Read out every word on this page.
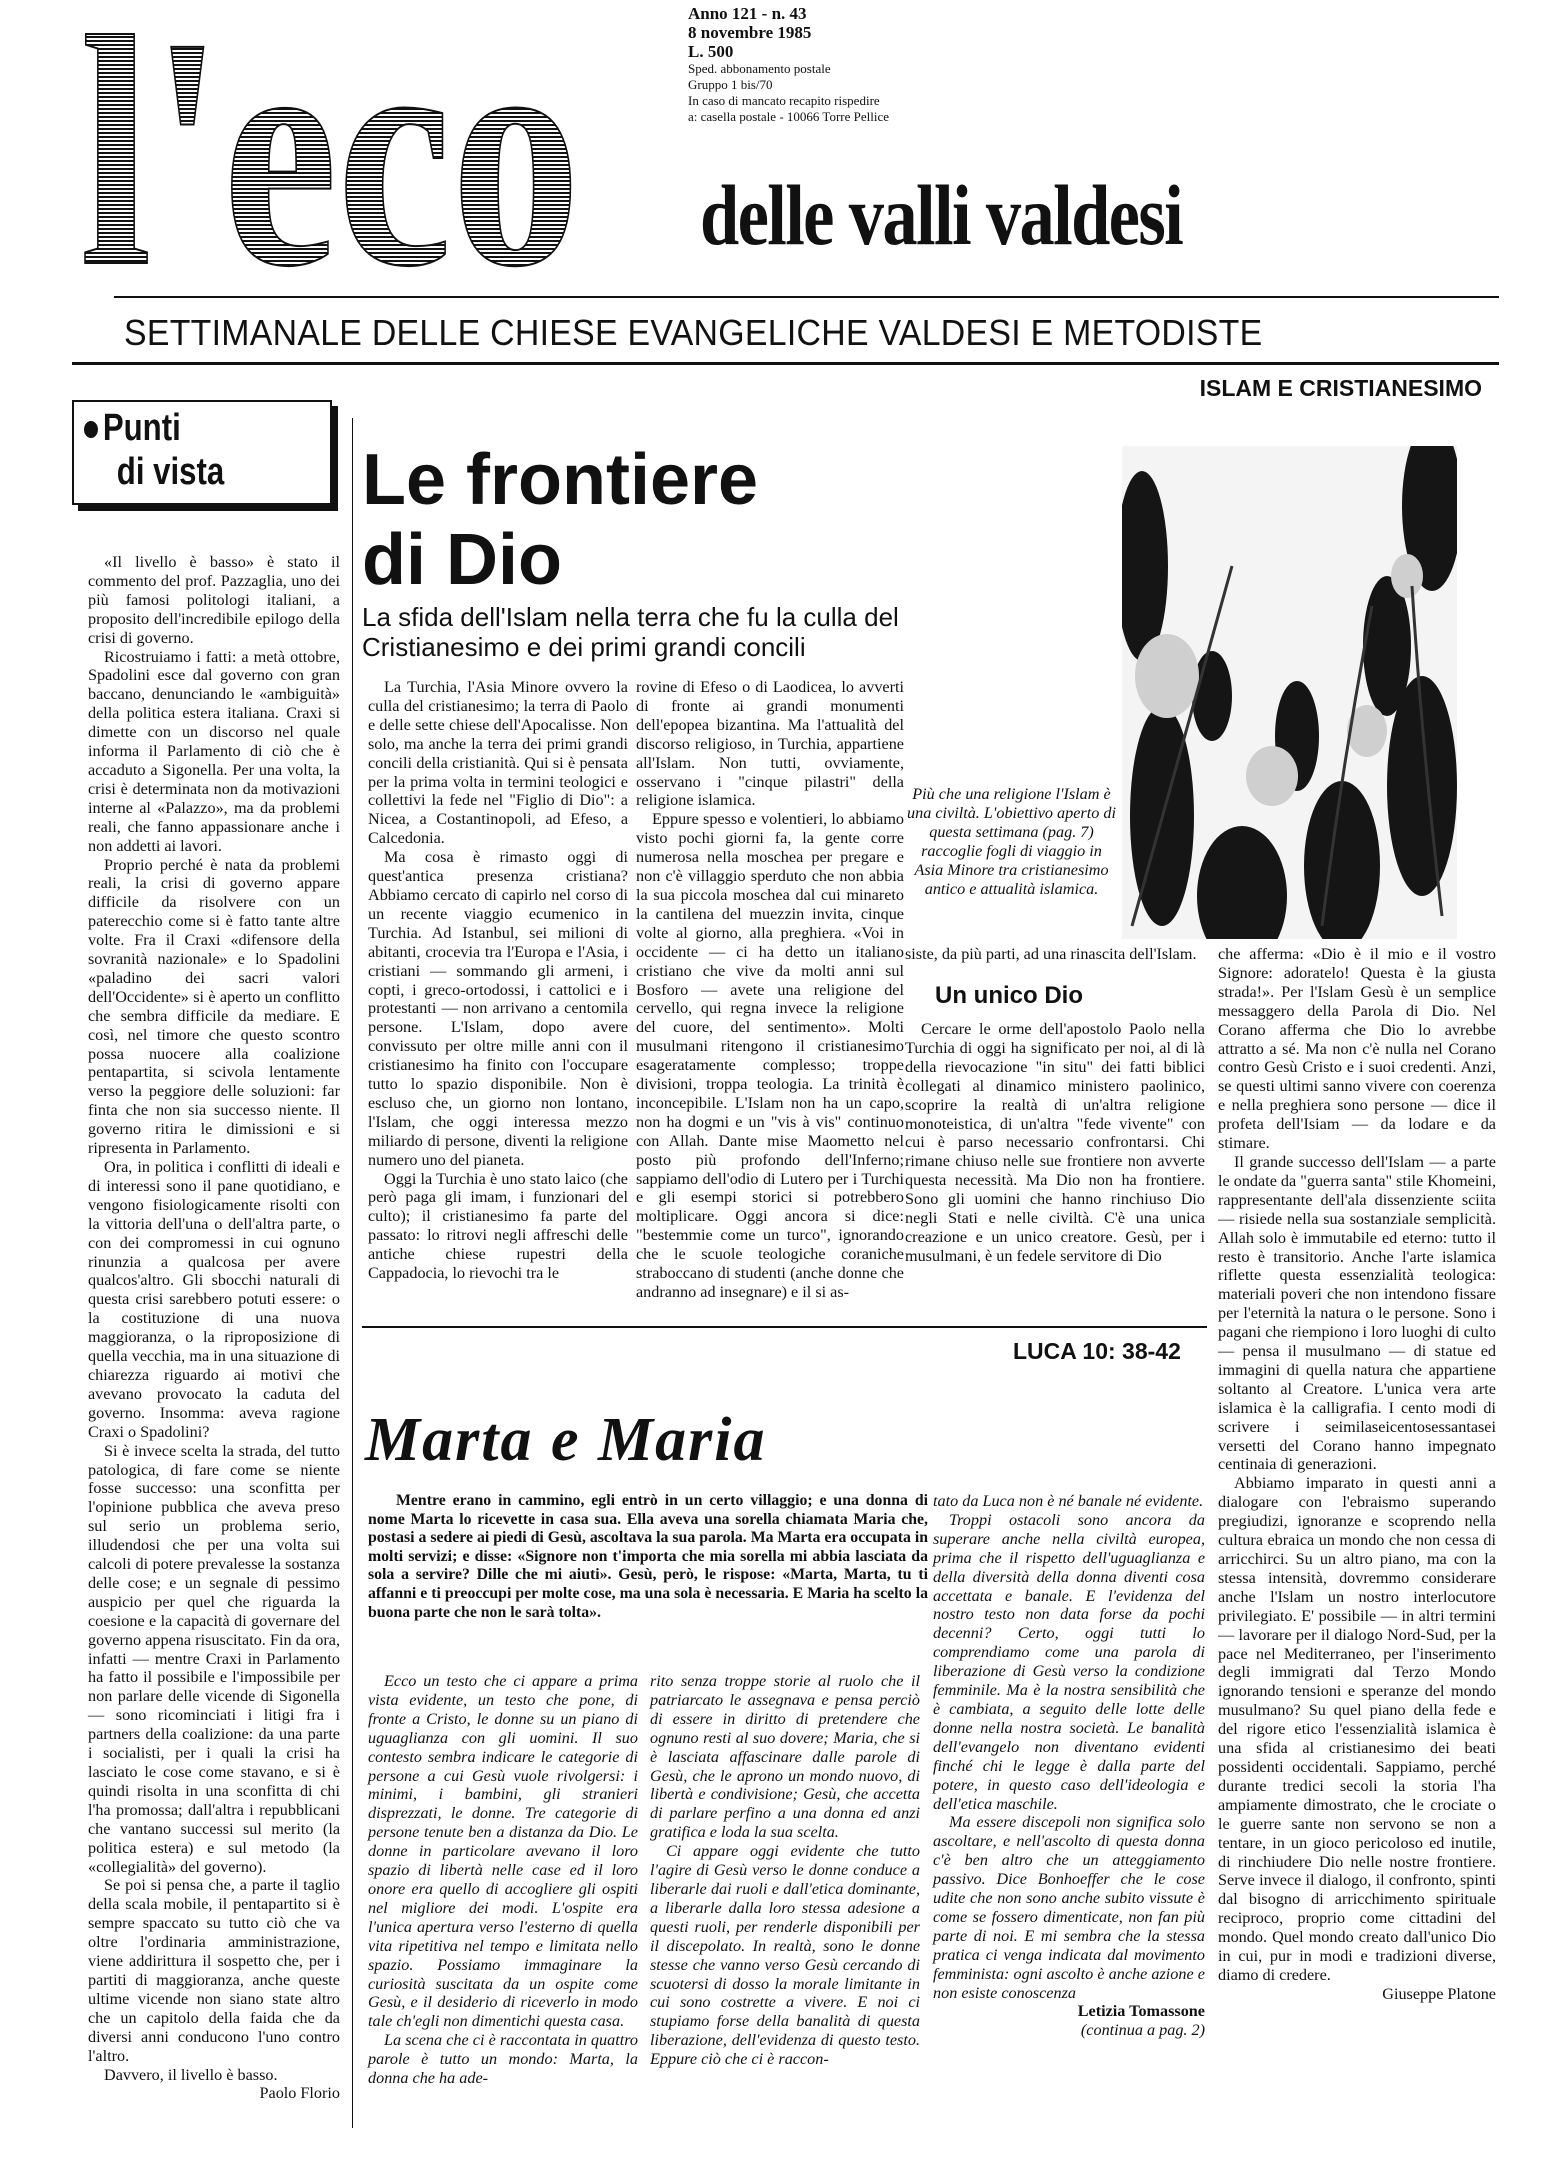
l'eco	Anno 121 - n. 43
8 novembre 1985
L. 500
Sped. abbonamento postale
Gruppo 1 bis/70
In caso di mancato recapito rispedire
a: casella postale - 10066 Torre Pellice
delle valli valdesi
SETTIMANALE DELLE CHIESE EVANGELICHE VALDESI E METODISTE
ISLAM E CRISTIANESIMO
Punti
di vista

«Il livello è basso» è stato il commento del prof. Pazzaglia, uno dei più famosi politologi italiani, a proposito dell'incredibile epilogo della crisi di governo.

Ricostruiamo i fatti: a metà ottobre, Spadolini esce dal governo con gran baccano, denunciando le «ambiguità» della politica estera italiana. Craxi si dimette con un discorso nel quale informa il Parlamento di ciò che è accaduto a Sigonella. Per una volta, la crisi è determinata non da motivazioni interne al «Palazzo», ma da problemi reali, che fanno appassionare anche i non addetti ai lavori.

Proprio perché è nata da problemi reali, la crisi di governo appare difficile da risolvere con un paterecchio come si è fatto tante altre volte. Fra il Craxi «difensore della sovranità nazionale» e lo Spadolini «paladino dei sacri valori dell'Occidente» si è aperto un conflitto che sembra difficile da mediare. E così, nel timore che questo scontro possa nuocere alla coalizione pentapartita, si scivola lentamente verso la peggiore delle soluzioni: far finta che non sia successo niente. Il governo ritira le dimissioni e si ripresenta in Parlamento.

Ora, in politica i conflitti di ideali e di interessi sono il pane quotidiano, e vengono fisiologicamente risolti con la vittoria dell'una o dell'altra parte, o con dei compromessi in cui ognuno rinunzia a qualcosa per avere qualcos'altro. Gli sbocchi naturali di questa crisi sarebbero potuti essere: o la costituzione di una nuova maggioranza, o la riproposizione di quella vecchia, ma in una situazione di chiarezza riguardo ai motivi che avevano provocato la caduta del governo. Insomma: aveva ragione Craxi o Spadolini?

Si è invece scelta la strada, del tutto patologica, di fare come se niente fosse successo: una sconfitta per l'opinione pubblica che aveva preso sul serio un problema serio, illudendosi che per una volta sui calcoli di potere prevalesse la sostanza delle cose; e un segnale di pessimo auspicio per quel che riguarda la coesione e la capacità di governare del governo appena risuscitato. Fin da ora, infatti — mentre Craxi in Parlamento ha fatto il possibile e l'impossibile per non parlare delle vicende di Sigonella — sono ricominciati i litigi fra i partners della coalizione: da una parte i socialisti, per i quali la crisi ha lasciato le cose come stavano, e si è quindi risolta in una sconfitta di chi l'ha promossa; dall'altra i repubblicani che vantano successi sul merito (la politica estera) e sul metodo (la «collegialità» del governo).

Se poi si pensa che, a parte il taglio della scala mobile, il pentapartito si è sempre spaccato su tutto ciò che va oltre l'ordinaria amministrazione, viene addirittura il sospetto che, per i partiti di maggioranza, anche queste ultime vicende non siano state altro che un capitolo della faida che da diversi anni conducono l'uno contro l'altro.

Davvero, il livello è basso.

Paolo Florio

Le frontiere
di Dio
La sfida dell'Islam nella terra che fu la culla del Cristianesimo e dei primi grandi concili

La Turchia, l'Asia Minore ovvero la culla del cristianesimo; la terra di Paolo e delle sette chiese dell'Apocalisse. Non solo, ma anche la terra dei primi grandi concili della cristianità. Qui si è pensata per la prima volta in termini teologici e collettivi la fede nel "Figlio di Dio": a Nicea, a Costantinopoli, ad Efeso, a Calcedonia.

Ma cosa è rimasto oggi di quest'antica presenza cristiana? Abbiamo cercato di capirlo nel corso di un recente viaggio ecumenico in Turchia. Ad Istanbul, sei milioni di abitanti, crocevia tra l'Europa e l'Asia, i cristiani — sommando gli armeni, i copti, i greco-ortodossi, i cattolici e i protestanti — non arrivano a centomila persone. L'Islam, dopo avere convissuto per oltre mille anni con il cristianesimo ha finito con l'occupare tutto lo spazio disponibile. Non è escluso che, un giorno non lontano, l'Islam, che oggi interessa mezzo miliardo di persone, diventi la religione numero uno del pianeta.

Oggi la Turchia è uno stato laico (che però paga gli imam, i funzionari del culto); il cristianesimo fa parte del passato: lo ritrovi negli affreschi delle antiche chiese rupestri della Cappadocia, lo rievochi tra le

rovine di Efeso o di Laodicea, lo avverti di fronte ai grandi monumenti dell'epopea bizantina. Ma l'attualità del discorso religioso, in Turchia, appartiene all'Islam. Non tutti, ovviamente, osservano i "cinque pilastri" della religione islamica.

Eppure spesso e volentieri, lo abbiamo visto pochi giorni fa, la gente corre numerosa nella moschea per pregare e non c'è villaggio sperduto che non abbia la sua piccola moschea dal cui minareto la cantilena del muezzin invita, cinque volte al giorno, alla preghiera. «Voi in occidente — ci ha detto un italiano cristiano che vive da molti anni sul Bosforo — avete una religione del cervello, qui regna invece la religione del cuore, del sentimento». Molti musulmani ritengono il cristianesimo esageratamente complesso; troppe divisioni, troppa teologia. La trinità è inconcepibile. L'Islam non ha un capo, non ha dogmi e un "vis à vis" continuo con Allah. Dante mise Maometto nel posto più profondo dell'Inferno; sappiamo dell'odio di Lutero per i Turchi e gli esempi storici si potrebbero moltiplicare. Oggi ancora si dice: "bestemmie come un turco", ignorando che le scuole teologiche coraniche straboccano di studenti (anche donne che andranno ad insegnare) e il si as-

Più che una religione l'Islam è una civiltà. L'obiettivo aperto di questa settimana (pag. 7) raccoglie fogli di viaggio in Asia Minore tra cristianesimo antico e attualità islamica.

siste, da più parti, ad una rinascita dell'Islam.

Un unico Dio

Cercare le orme dell'apostolo Paolo nella Turchia di oggi ha significato per noi, al di là della rievocazione "in situ" dei fatti biblici collegati al dinamico ministero paolinico, scoprire la realtà di un'altra religione monoteistica, di un'altra "fede vivente" con cui è parso necessario confrontarsi. Chi rimane chiuso nelle sue frontiere non avverte questa necessità. Ma Dio non ha frontiere. Sono gli uomini che hanno rinchiuso Dio negli Stati e nelle civiltà. C'è una unica creazione e un unico creatore. Gesù, per i musulmani, è un fedele servitore di Dio

che afferma: «Dio è il mio e il vostro Signore: adoratelo! Questa è la giusta strada!». Per l'Islam Gesù è un semplice messaggero della Parola di Dio. Nel Corano afferma che Dio lo avrebbe attratto a sé. Ma non c'è nulla nel Corano contro Gesù Cristo e i suoi credenti. Anzi, se questi ultimi sanno vivere con coerenza e nella preghiera sono persone — dice il profeta dell'Isiam — da lodare e da stimare.

Il grande successo dell'Islam — a parte le ondate da "guerra santa" stile Khomeini, rappresentante dell'ala dissenziente sciita — risiede nella sua sostanziale semplicità. Allah solo è immutabile ed eterno: tutto il resto è transitorio. Anche l'arte islamica riflette questa essenzialità teologica: materiali poveri che non intendono fissare per l'eternità la natura o le persone. Sono i pagani che riempiono i loro luoghi di culto — pensa il musulmano — di statue ed immagini di quella natura che appartiene soltanto al Creatore. L'unica vera arte islamica è la calligrafia. I cento modi di scrivere i seimilaseicentosessantasei versetti del Corano hanno impegnato centinaia di generazioni.

Abbiamo imparato in questi anni a dialogare con l'ebraismo superando pregiudizi, ignoranze e scoprendo nella cultura ebraica un mondo che non cessa di arricchirci. Su un altro piano, ma con la stessa intensità, dovremmo considerare anche l'Islam un nostro interlocutore privilegiato. E' possibile — in altri termini — lavorare per il dialogo Nord-Sud, per la pace nel Mediterraneo, per l'inserimento degli immigrati dal Terzo Mondo ignorando tensioni e speranze del mondo musulmano? Su quel piano della fede e del rigore etico l'essenzialità islamica è una sfida al cristianesimo dei beati possidenti occidentali. Sappiamo, perché durante tredici secoli la storia l'ha ampiamente dimostrato, che le crociate o le guerre sante non servono se non a tentare, in un gioco pericoloso ed inutile, di rinchiudere Dio nelle nostre frontiere. Serve invece il dialogo, il confronto, spinti dal bisogno di arricchimento spirituale reciproco, proprio come cittadini del mondo. Quel mondo creato dall'unico Dio in cui, pur in modi e tradizioni diverse, diamo di credere.

Giuseppe Platone

LUCA 10: 38-42
Marta e Maria
Mentre erano in cammino, egli entrò in un certo villaggio; e una donna di nome Marta lo ricevette in casa sua. Ella aveva una sorella chiamata Maria che, postasi a sedere ai piedi di Gesù, ascoltava la sua parola. Ma Marta era occupata in molti servizi; e disse: «Signore non t'importa che mia sorella mi abbia lasciata da sola a servire? Dille che mi aiuti». Gesù, però, le rispose: «Marta, Marta, tu ti affanni e ti preoccupi per molte cose, ma una sola è necessaria. E Maria ha scelto la buona parte che non le sarà tolta».

Ecco un testo che ci appare a prima vista evidente, un testo che pone, di fronte a Cristo, le donne su un piano di uguaglianza con gli uomini. Il suo contesto sembra indicare le categorie di persone a cui Gesù vuole rivolgersi: i minimi, i bambini, gli stranieri disprezzati, le donne. Tre categorie di persone tenute ben a distanza da Dio. Le donne in particolare avevano il loro spazio di libertà nelle case ed il loro onore era quello di accogliere gli ospiti nel migliore dei modi. L'ospite era l'unica apertura verso l'esterno di quella vita ripetitiva nel tempo e limitata nello spazio. Possiamo immaginare la curiosità suscitata da un ospite come Gesù, e il desiderio di riceverlo in modo tale ch'egli non dimentichi questa casa.

La scena che ci è raccontata in quattro parole è tutto un mondo: Marta, la donna che ha ade-

rito senza troppe storie al ruolo che il patriarcato le assegnava e pensa perciò di essere in diritto di pretendere che ognuno resti al suo dovere; Maria, che si è lasciata affascinare dalle parole di Gesù, che le aprono un mondo nuovo, di libertà e condivisione; Gesù, che accetta di parlare perfino a una donna ed anzi gratifica e loda la sua scelta.

Ci appare oggi evidente che tutto l'agire di Gesù verso le donne conduce a liberarle dai ruoli e dall'etica dominante, a liberarle dalla loro stessa adesione a questi ruoli, per renderle disponibili per il discepolato. In realtà, sono le donne stesse che vanno verso Gesù cercando di scuotersi di dosso la morale limitante in cui sono costrette a vivere. E noi ci stupiamo forse della banalità di questa liberazione, dell'evidenza di questo testo. Eppure ciò che ci è raccon-

tato da Luca non è né banale né evidente.

Troppi ostacoli sono ancora da superare anche nella civiltà europea, prima che il rispetto dell'uguaglianza e della diversità della donna diventi cosa accettata e banale. E l'evidenza del nostro testo non data forse da pochi decenni? Certo, oggi tutti lo comprendiamo come una parola di liberazione di Gesù verso la condizione femminile. Ma è la nostra sensibilità che è cambiata, a seguito delle lotte delle donne nella nostra società. Le banalità dell'evangelo non diventano evidenti finché chi le legge è dalla parte del potere, in questo caso dell'ideologia e dell'etica maschile.

Ma essere discepoli non significa solo ascoltare, e nell'ascolto di questa donna c'è ben altro che un atteggiamento passivo. Dice Bonhoeffer che le cose udite che non sono anche subito vissute è come se fossero dimenticate, non fan più parte di noi. E mi sembra che la stessa pratica ci venga indicata dal movimento femminista: ogni ascolto è anche azione e non esiste conoscenza

Letizia Tomassone

(continua a pag. 2)
